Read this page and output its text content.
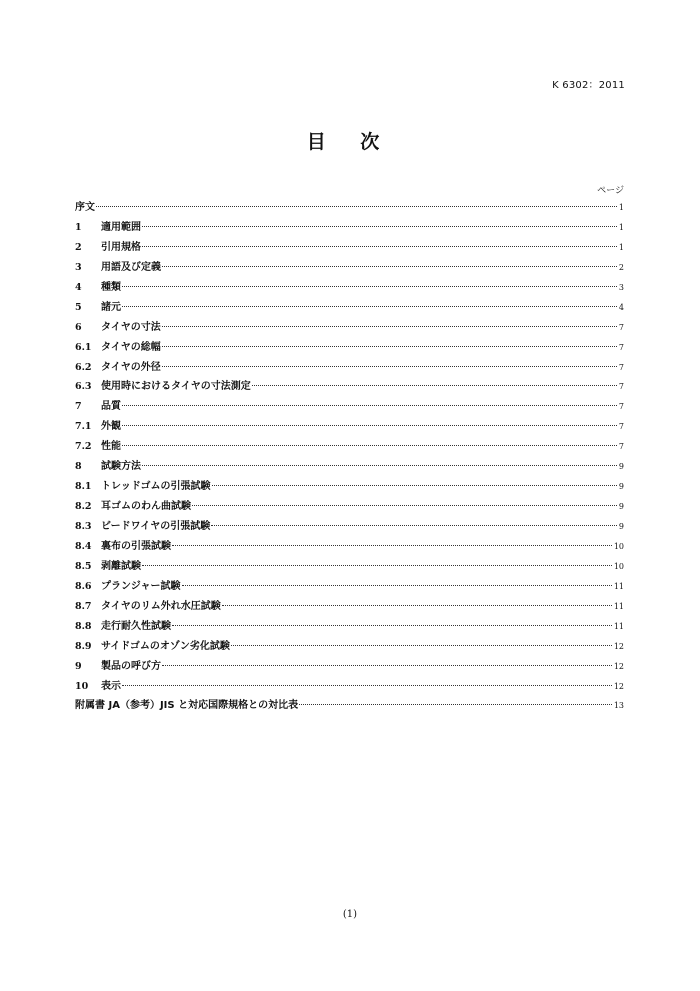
K 6302：2011
目 次
ページ
序文	1
1	適用範囲	1
2	引用規格	1
3	用語及び定義	2
4	種類	3
5	諸元	4
6	タイヤの寸法	7
6.1 タイヤの総幅	7
6.2 タイヤの外径	7
6.3 使用時におけるタイヤの寸法測定	7
7	品質	7
7.1 外観	7
7.2 性能	7
8	試験方法	9
8.1 トレッドゴムの引張試験	9
8.2 耳ゴムのわん曲試験	9
8.3 ビードワイヤの引張試験	9
8.4 裏布の引張試験	10
8.5 剥離試験	10
8.6 プランジャー試験	11
8.7 タイヤのリム外れ水圧試験	11
8.8 走行耐久性試験	11
8.9 サイドゴムのオゾン劣化試験	12
9	製品の呼び方	12
10	表示	12
附属書 JA（参考）JIS と対応国際規格との対比表	13
(1)
